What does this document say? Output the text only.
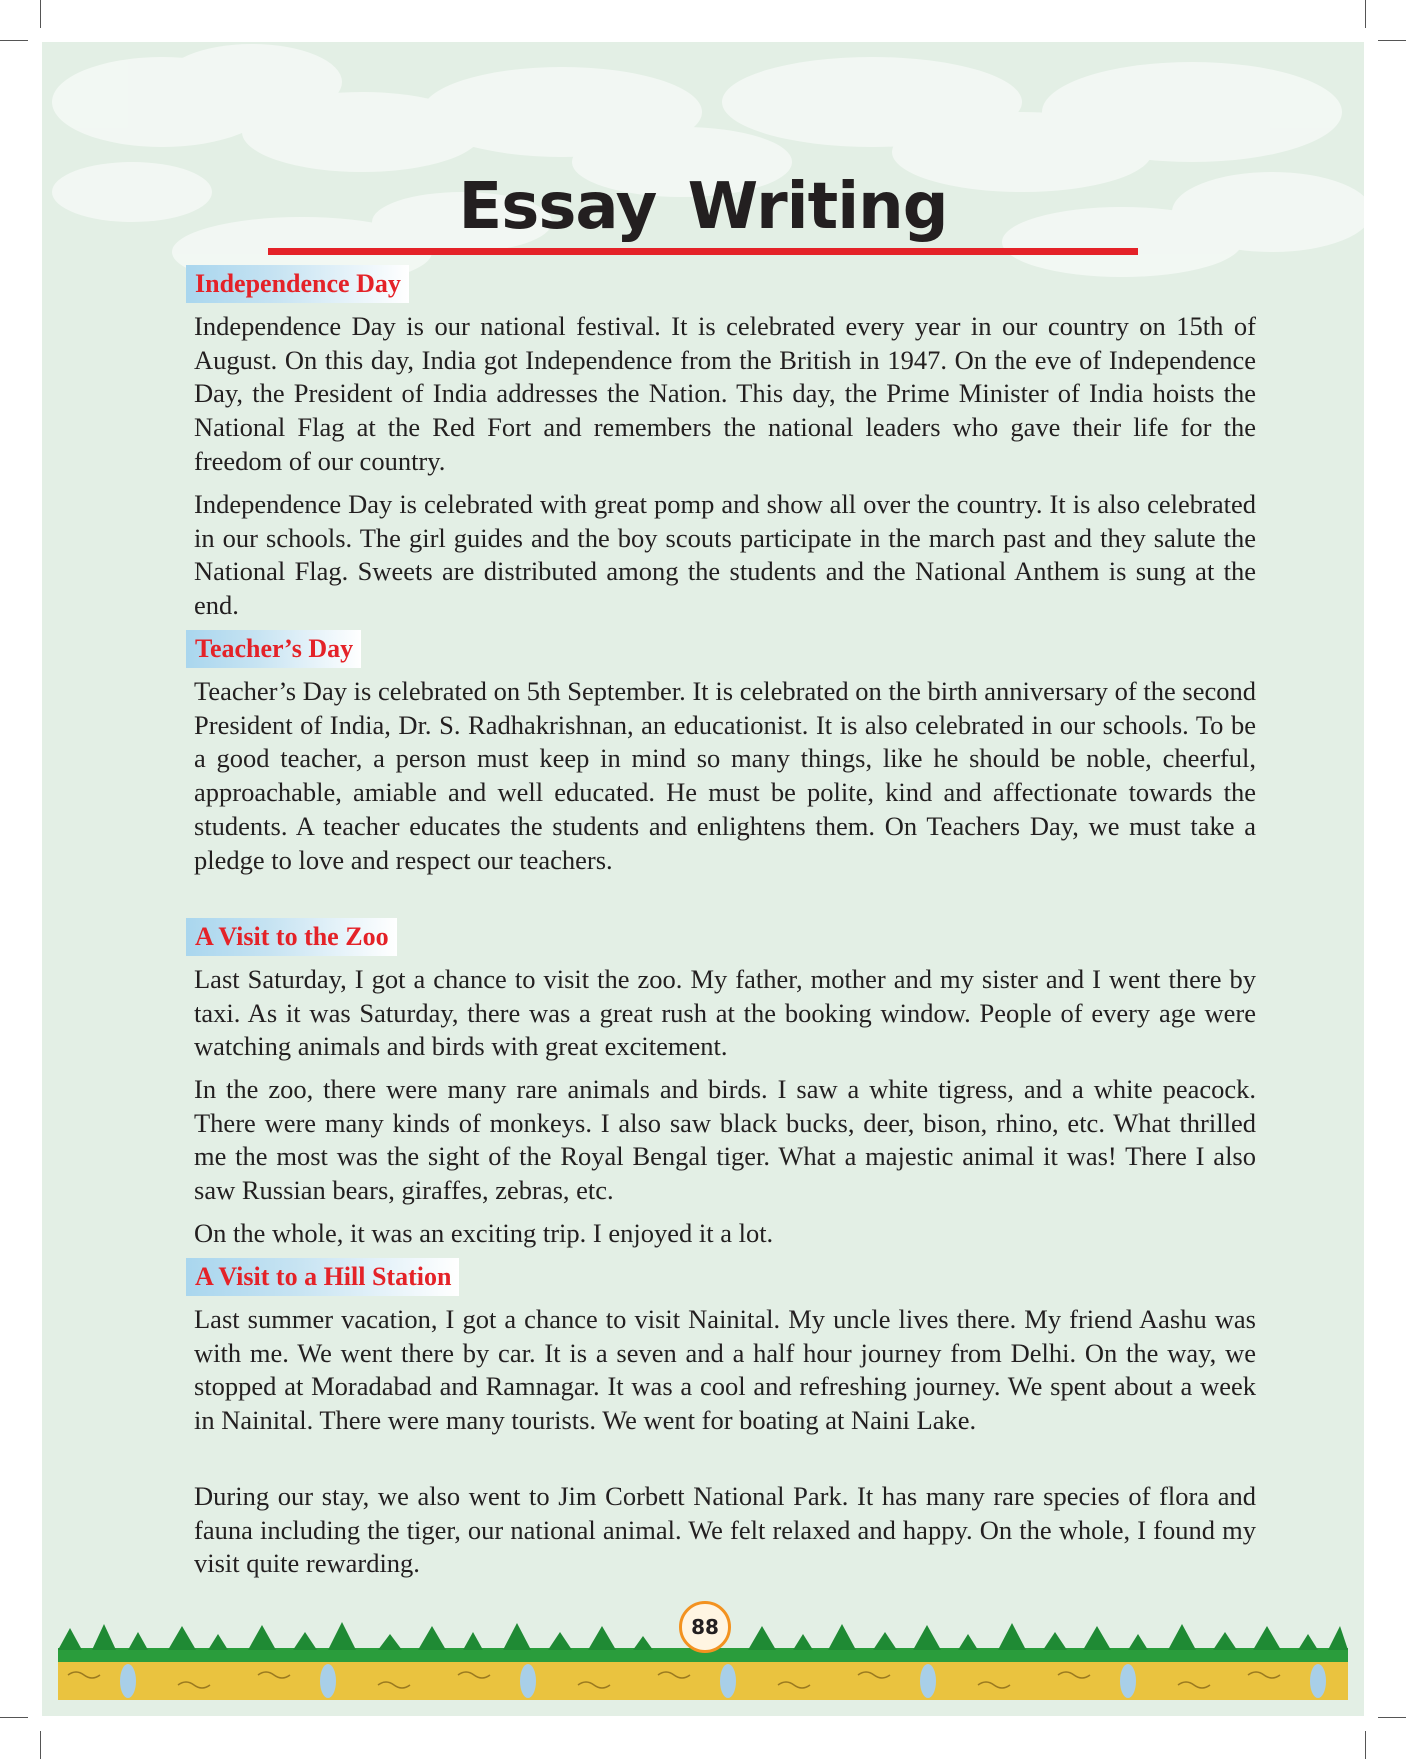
Essay Writing
Independence Day

Independence Day is our national festival. It is celebrated every year in our country on 15th of August. On this day, India got Independence from the British in 1947. On the eve of Independence Day, the President of India addresses the Nation. This day, the Prime Minister of India hoists the National Flag at the Red Fort and remembers the national leaders who gave their life for the freedom of our country.

Independence Day is celebrated with great pomp and show all over the country. It is also celebrated in our schools. The girl guides and the boy scouts participate in the march past and they salute the National Flag. Sweets are distributed among the students and the National Anthem is sung at the end.

Teacher’s Day

Teacher’s Day is celebrated on 5th September. It is celebrated on the birth anniversary of the second President of India, Dr. S. Radhakrishnan, an educationist. It is also celebrated in our schools. To be a good teacher, a person must keep in mind so many things, like he should be noble, cheerful, approachable, amiable and well educated. He must be polite, kind and affectionate towards the students. A teacher educates the students and enlightens them. On Teachers Day, we must take a pledge to love and respect our teachers.

A Visit to the Zoo

Last Saturday, I got a chance to visit the zoo. My father, mother and my sister and I went there by taxi. As it was Saturday, there was a great rush at the booking window. People of every age were watching animals and birds with great excitement.

In the zoo, there were many rare animals and birds. I saw a white tigress, and a white peacock. There were many kinds of monkeys. I also saw black bucks, deer, bison, rhino, etc. What thrilled me the most was the sight of the Royal Bengal tiger. What a majestic animal it was! There I also saw Russian bears, giraffes, zebras, etc.

On the whole, it was an exciting trip. I enjoyed it a lot.

A Visit to a Hill Station

Last summer vacation, I got a chance to visit Nainital. My uncle lives there. My friend Aashu was with me. We went there by car. It is a seven and a half hour journey from Delhi. On the way, we stopped at Moradabad and Ramnagar. It was a cool and refreshing journey. We spent about a week in Nainital. There were many tourists. We went for boating at Naini Lake.

During our stay, we also went to Jim Corbett National Park. It has many rare species of flora and fauna including the tiger, our national animal. We felt relaxed and happy. On the whole, I found my visit quite rewarding.

88
